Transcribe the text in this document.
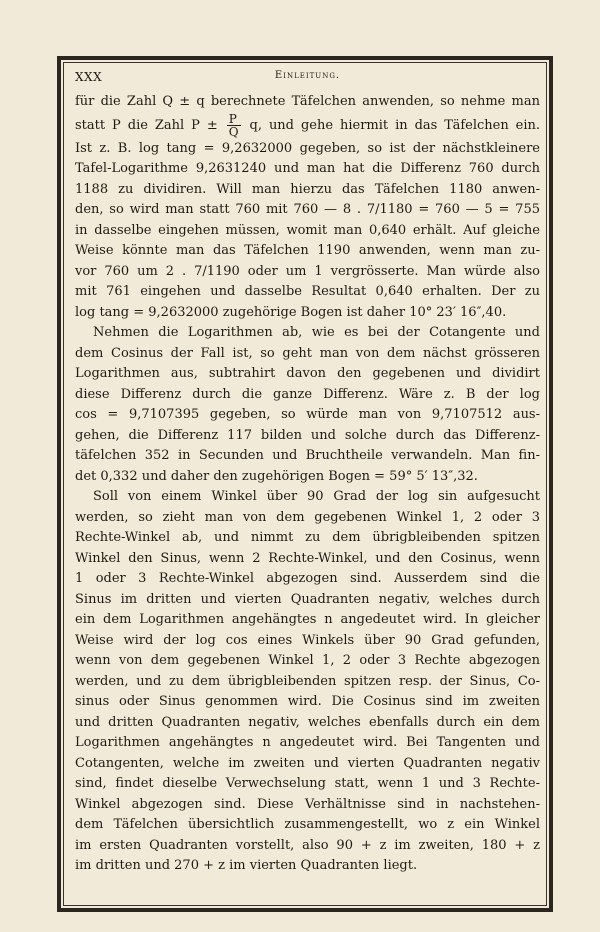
XXX	Einleitung.
für die Zahl Q ± q berechnete Täfelchen anwenden, so nehme man
statt P die Zahl $P \pm \frac{P}{Q} q$, und gehe hiermit in das Täfelchen ein.
Ist z. B. log tang = 9,2632000 gegeben, so ist der nächstkleinere
Tafel-Logarithme 9,2631240 und man hat die Differenz 760 durch
1188 zu dividiren. Will man hierzu das Täfelchen 1180 anwen-
den, so wird man statt 760 mit 760 — 8 . 7/1180 = 760 — 5 = 755
in dasselbe eingehen müssen, womit man 0,640 erhält. Auf gleiche
Weise könnte man das Täfelchen 1190 anwenden, wenn man zu-
vor 760 um 2 . 7/1190 oder um 1 vergrösserte. Man würde also
mit 761 eingehen und dasselbe Resultat 0,640 erhalten. Der zu
log tang = 9,2632000 zugehörige Bogen ist daher 10° 23′ 16″,40.
Nehmen die Logarithmen ab, wie es bei der Cotangente und
dem Cosinus der Fall ist, so geht man von dem nächst grösseren
Logarithmen aus, subtrahirt davon den gegebenen und dividirt
diese Differenz durch die ganze Differenz. Wäre z. B der log
cos = 9,7107395 gegeben, so würde man von 9,7107512 aus-
gehen, die Differenz 117 bilden und solche durch das Differenz-
täfelchen 352 in Secunden und Bruchtheile verwandeln. Man fin-
det 0,332 und daher den zugehörigen Bogen = 59° 5′ 13″,32.
Soll von einem Winkel über 90 Grad der log sin aufgesucht
werden, so zieht man von dem gegebenen Winkel 1, 2 oder 3
Rechte-Winkel ab, und nimmt zu dem übrigbleibenden spitzen
Winkel den Sinus, wenn 2 Rechte-Winkel, und den Cosinus, wenn
1 oder 3 Rechte-Winkel abgezogen sind. Ausserdem sind die
Sinus im dritten und vierten Quadranten negativ, welches durch
ein dem Logarithmen angehängtes n angedeutet wird. In gleicher
Weise wird der log cos eines Winkels über 90 Grad gefunden,
wenn von dem gegebenen Winkel 1, 2 oder 3 Rechte abgezogen
werden, und zu dem übrigbleibenden spitzen resp. der Sinus, Co-
sinus oder Sinus genommen wird. Die Cosinus sind im zweiten
und dritten Quadranten negativ, welches ebenfalls durch ein dem
Logarithmen angehängtes n angedeutet wird. Bei Tangenten und
Cotangenten, welche im zweiten und vierten Quadranten negativ
sind, findet dieselbe Verwechselung statt, wenn 1 und 3 Rechte-
Winkel abgezogen sind. Diese Verhältnisse sind in nachstehen-
dem Täfelchen übersichtlich zusammengestellt, wo z ein Winkel
im ersten Quadranten vorstellt, also 90 + z im zweiten, 180 + z
im dritten und 270 + z im vierten Quadranten liegt.
